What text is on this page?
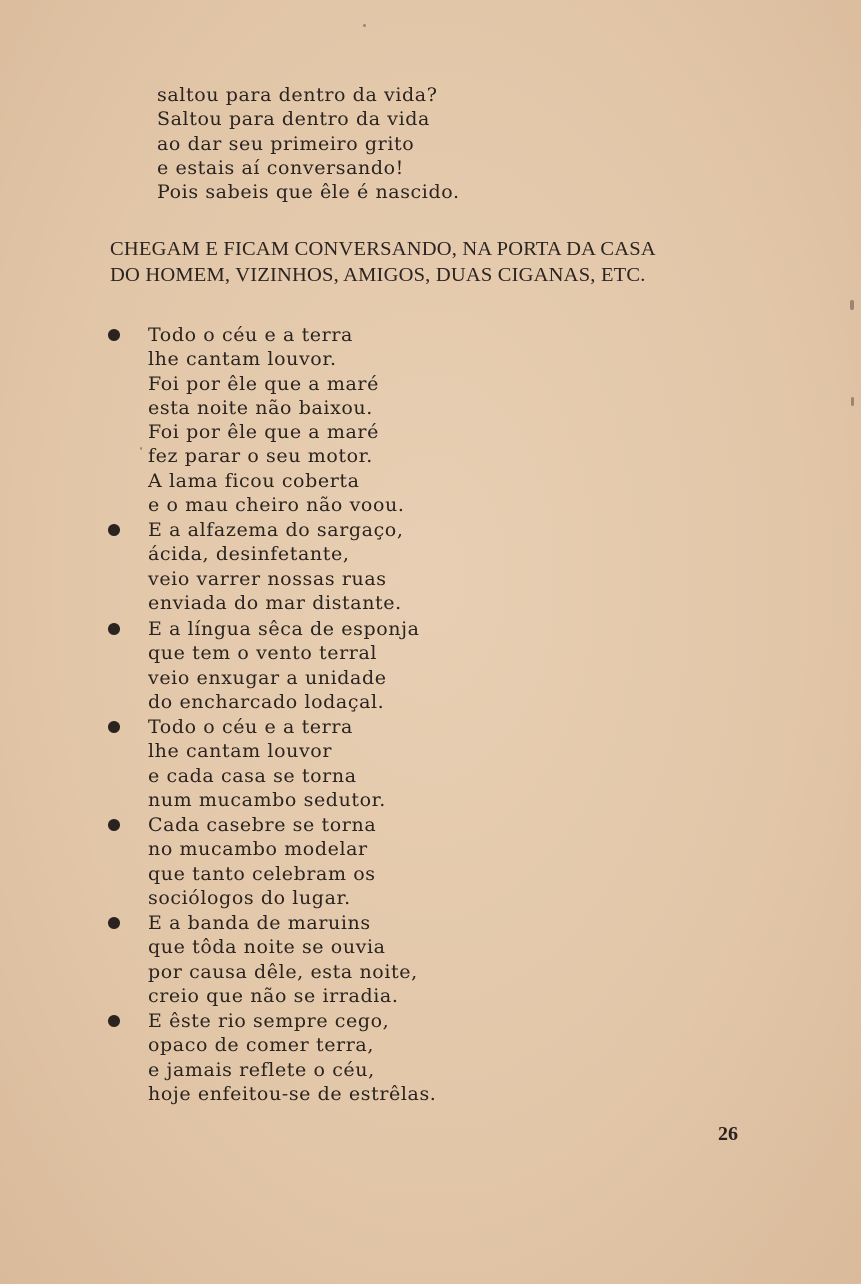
saltou para dentro da vida?
Saltou para dentro da vida
ao dar seu primeiro grito
e estais aí conversando!
Pois sabeis que êle é nascido.
CHEGAM E FICAM CONVERSANDO, NA PORTA DA CASA
DO HOMEM, VIZINHOS, AMIGOS, DUAS CIGANAS, ETC.
Todo o céu e a terra
lhe cantam louvor.
Foi por êle que a maré
esta noite não baixou.
Foi por êle que a maré
fez parar o seu motor.
A lama ficou coberta
e o mau cheiro não voou.
E a alfazema do sargaço,
ácida, desinfetante,
veio varrer nossas ruas
enviada do mar distante.
E a língua sêca de esponja
que tem o vento terral
veio enxugar a unidade
do encharcado lodaçal.
Todo o céu e a terra
lhe cantam louvor
e cada casa se torna
num mucambo sedutor.
Cada casebre se torna
no mucambo modelar
que tanto celebram os
sociólogos do lugar.
E a banda de maruins
que tôda noite se ouvia
por causa dêle, esta noite,
creio que não se irradia.
E êste rio sempre cego,
opaco de comer terra,
e jamais reflete o céu,
hoje enfeitou-se de estrêlas.
26
